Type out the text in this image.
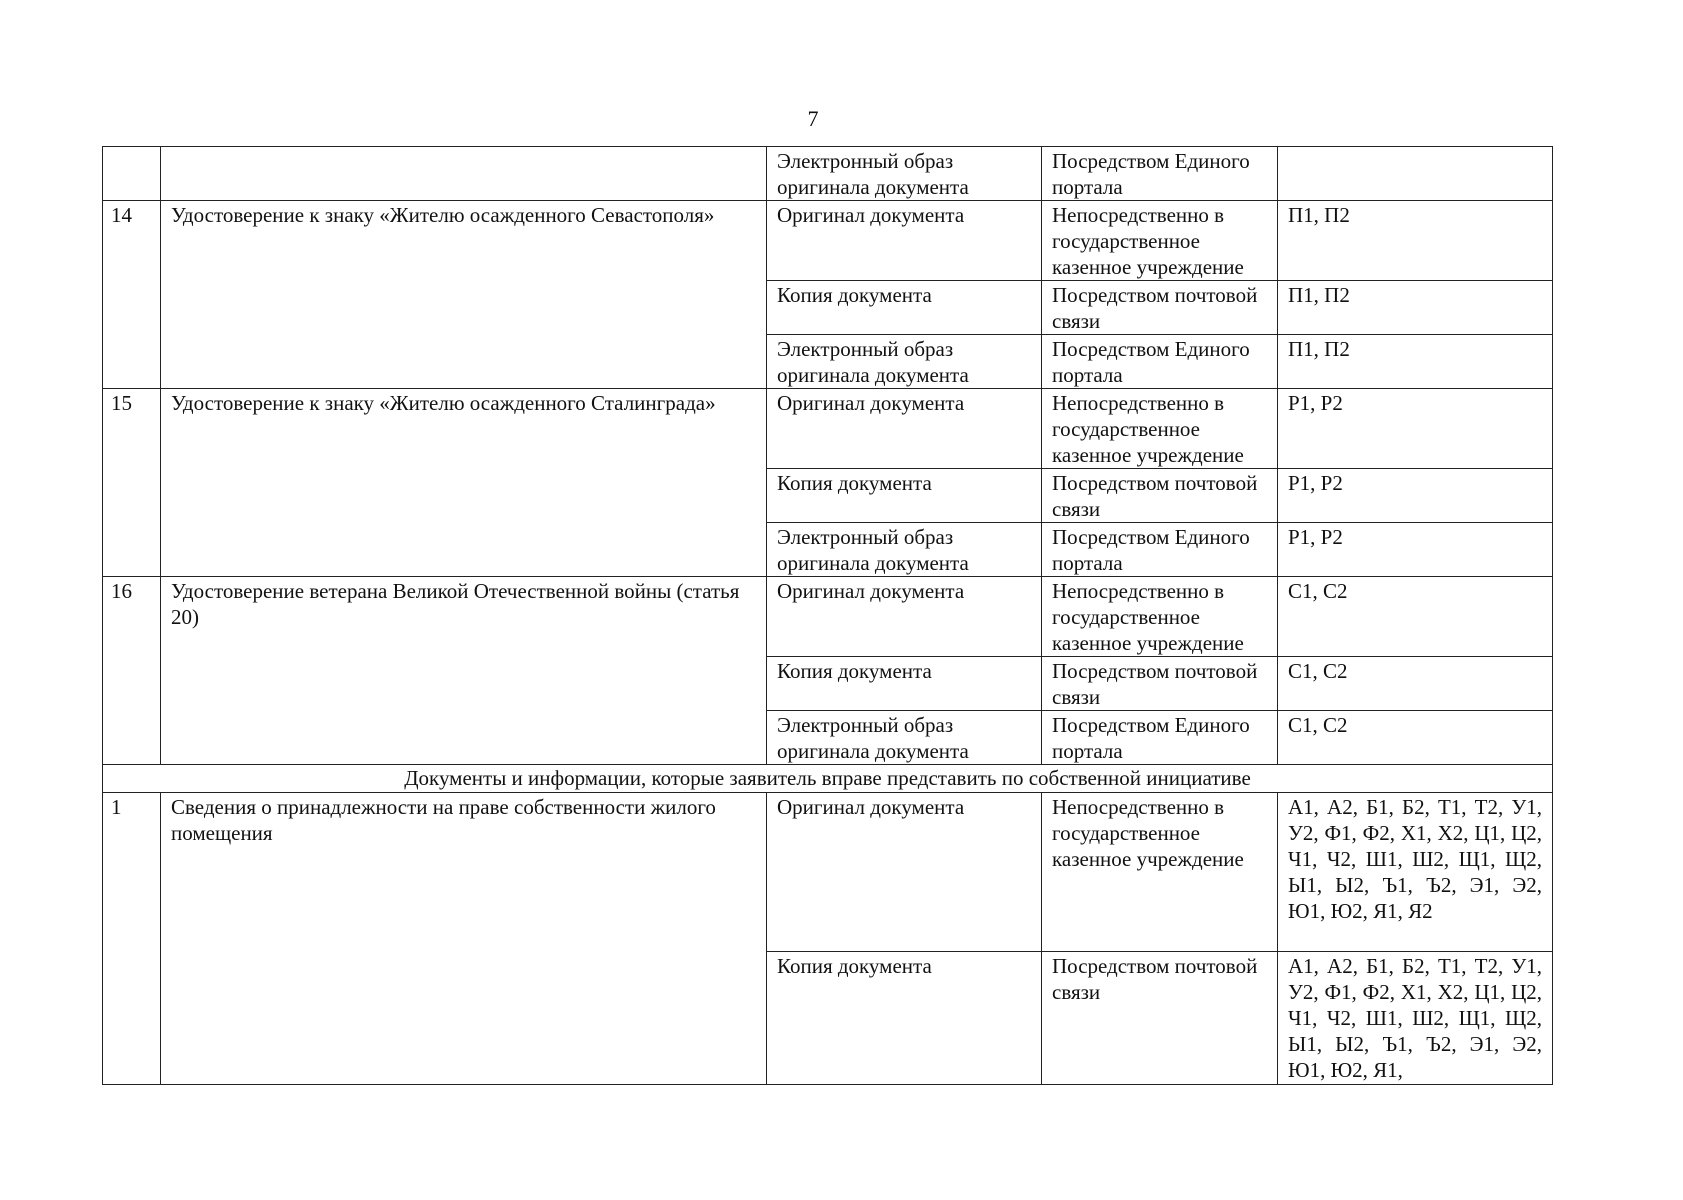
7
		Электронный образ оригинала документа	Посредством Единого портала	
14	Удостоверение к знаку «Жителю осажденного Севастополя»	Оригинал документа	Непосредственно в государственное казенное учреждение	П1, П2
		Копия документа	Посредством почтовой связи	П1, П2
		Электронный образ оригинала документа	Посредством Единого портала	П1, П2
15	Удостоверение к знаку «Жителю осажденного Сталинграда»	Оригинал документа	Непосредственно в государственное казенное учреждение	Р1, Р2
		Копия документа	Посредством почтовой связи	Р1, Р2
		Электронный образ оригинала документа	Посредством Единого портала	Р1, Р2
16	Удостоверение ветерана Великой Отечественной войны (статья 20)	Оригинал документа	Непосредственно в государственное казенное учреждение	С1, С2
		Копия документа	Посредством почтовой связи	С1, С2
		Электронный образ оригинала документа	Посредством Единого портала	С1, С2
Документы и информации, которые заявитель вправе представить по собственной инициативе				
1	Сведения о принадлежности на праве собственности жилого помещения	Оригинал документа	Непосредственно в государственное казенное учреждение	А1, А2, Б1, Б2, Т1, Т2, У1, У2, Ф1, Ф2, Х1, Х2, Ц1, Ц2, Ч1, Ч2, Ш1, Ш2, Щ1, Щ2, Ы1, Ы2, Ъ1, Ъ2, Э1, Э2, Ю1, Ю2, Я1, Я2
		Копия документа	Посредством почтовой связи	А1, А2, Б1, Б2, Т1, Т2, У1, У2, Ф1, Ф2, Х1, Х2, Ц1, Ц2, Ч1, Ч2, Ш1, Ш2, Щ1, Щ2, Ы1, Ы2, Ъ1, Ъ2, Э1, Э2, Ю1, Ю2, Я1,
